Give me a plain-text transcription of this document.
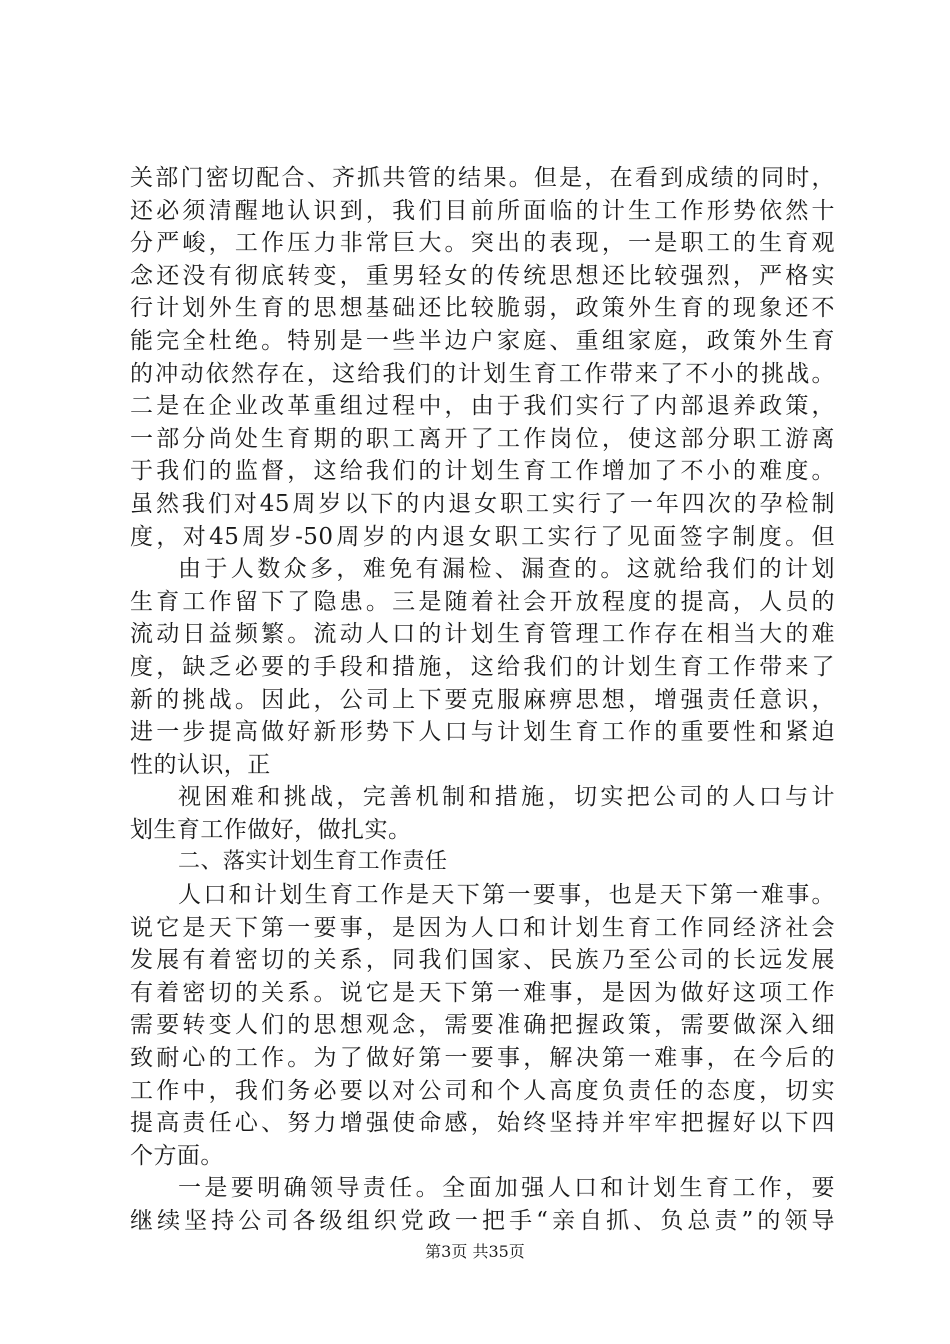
关部门密切配合、齐抓共管的结果。但是，在看到成绩的同时，
还必须清醒地认识到，我们目前所面临的计生工作形势依然十
分严峻，工作压力非常巨大。突出的表现，一是职工的生育观
念还没有彻底转变，重男轻女的传统思想还比较强烈，严格实
行计划外生育的思想基础还比较脆弱，政策外生育的现象还不
能完全杜绝。特别是一些半边户家庭、重组家庭，政策外生育
的冲动依然存在，这给我们的计划生育工作带来了不小的挑战。
二是在企业改革重组过程中，由于我们实行了内部退养政策，
一部分尚处生育期的职工离开了工作岗位，使这部分职工游离
于我们的监督，这给我们的计划生育工作增加了不小的难度。
虽然我们对45周岁以下的内退女职工实行了一年四次的孕检制
度，对45周岁-50周岁的内退女职工实行了见面签字制度。但
由于人数众多，难免有漏检、漏查的。这就给我们的计划
生育工作留下了隐患。三是随着社会开放程度的提高，人员的
流动日益频繁。流动人口的计划生育管理工作存在相当大的难
度，缺乏必要的手段和措施，这给我们的计划生育工作带来了
新的挑战。因此，公司上下要克服麻痹思想，增强责任意识，
进一步提高做好新形势下人口与计划生育工作的重要性和紧迫
性的认识，正
视困难和挑战，完善机制和措施，切实把公司的人口与计
划生育工作做好，做扎实。
二、落实计划生育工作责任
人口和计划生育工作是天下第一要事，也是天下第一难事。
说它是天下第一要事，是因为人口和计划生育工作同经济社会
发展有着密切的关系，同我们国家、民族乃至公司的长远发展
有着密切的关系。说它是天下第一难事，是因为做好这项工作
需要转变人们的思想观念，需要准确把握政策，需要做深入细
致耐心的工作。为了做好第一要事，解决第一难事，在今后的
工作中，我们务必要以对公司和个人高度负责任的态度，切实
提高责任心、努力增强使命感，始终坚持并牢牢把握好以下四
个方面。
一是要明确领导责任。全面加强人口和计划生育工作，要
继续坚持公司各级组织党政一把手“亲自抓、负总责”的领导
第3页 共35页
